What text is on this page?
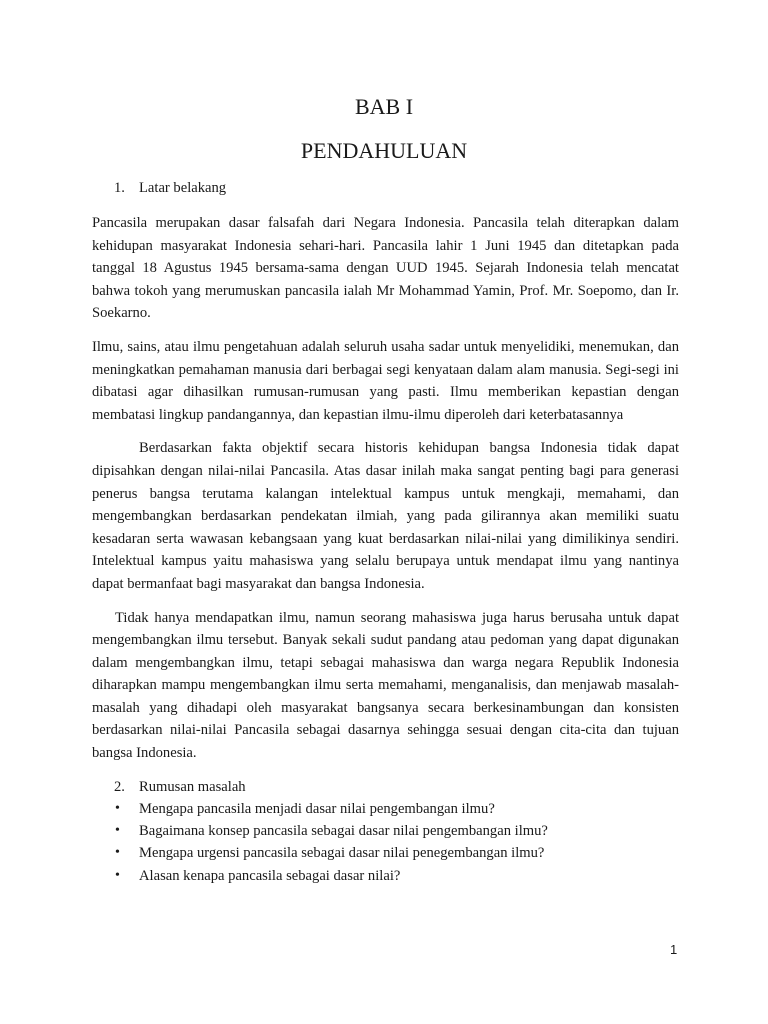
BAB I
PENDAHULUAN

1. Latar belakang

Pancasila merupakan dasar falsafah dari Negara Indonesia. Pancasila telah diterapkan dalam kehidupan masyarakat Indonesia sehari-hari. Pancasila lahir 1 Juni 1945 dan ditetapkan pada tanggal 18 Agustus 1945 bersama-sama dengan UUD 1945. Sejarah Indonesia telah mencatat bahwa tokoh yang merumuskan pancasila ialah Mr Mohammad Yamin, Prof. Mr. Soepomo, dan Ir. Soekarno.

Ilmu, sains, atau ilmu pengetahuan adalah seluruh usaha sadar untuk menyelidiki, menemukan, dan meningkatkan pemahaman manusia dari berbagai segi kenyataan dalam alam manusia. Segi-segi ini dibatasi agar dihasilkan rumusan-rumusan yang pasti. Ilmu memberikan kepastian dengan membatasi lingkup pandangannya, dan kepastian ilmu-ilmu diperoleh dari keterbatasannya

Berdasarkan fakta objektif secara historis kehidupan bangsa Indonesia tidak dapat dipisahkan dengan nilai-nilai Pancasila. Atas dasar inilah maka sangat penting bagi para generasi penerus bangsa terutama kalangan intelektual kampus untuk mengkaji, memahami, dan mengembangkan berdasarkan pendekatan ilmiah, yang pada gilirannya akan memiliki suatu kesadaran serta wawasan kebangsaan yang kuat berdasarkan nilai-nilai yang dimilikinya sendiri. Intelektual kampus yaitu mahasiswa yang selalu berupaya untuk mendapat ilmu yang nantinya dapat bermanfaat bagi masyarakat dan bangsa Indonesia.

Tidak hanya mendapatkan ilmu, namun seorang mahasiswa juga harus berusaha untuk dapat mengembangkan ilmu tersebut. Banyak sekali sudut pandang atau pedoman yang dapat digunakan dalam mengembangkan ilmu, tetapi sebagai mahasiswa dan warga negara Republik Indonesia diharapkan mampu mengembangkan ilmu serta memahami, menganalisis, dan menjawab masalah-masalah yang dihadapi oleh masyarakat bangsanya secara berkesinambungan dan konsisten berdasarkan nilai-nilai Pancasila sebagai dasarnya sehingga sesuai dengan cita-cita dan tujuan bangsa Indonesia.

2. Rumusan masalah

• Mengapa pancasila menjadi dasar nilai pengembangan ilmu?
• Bagaimana konsep pancasila sebagai dasar nilai pengembangan ilmu?
• Mengapa urgensi pancasila sebagai dasar nilai penegembangan ilmu?
• Alasan kenapa pancasila sebagai dasar nilai?
1
